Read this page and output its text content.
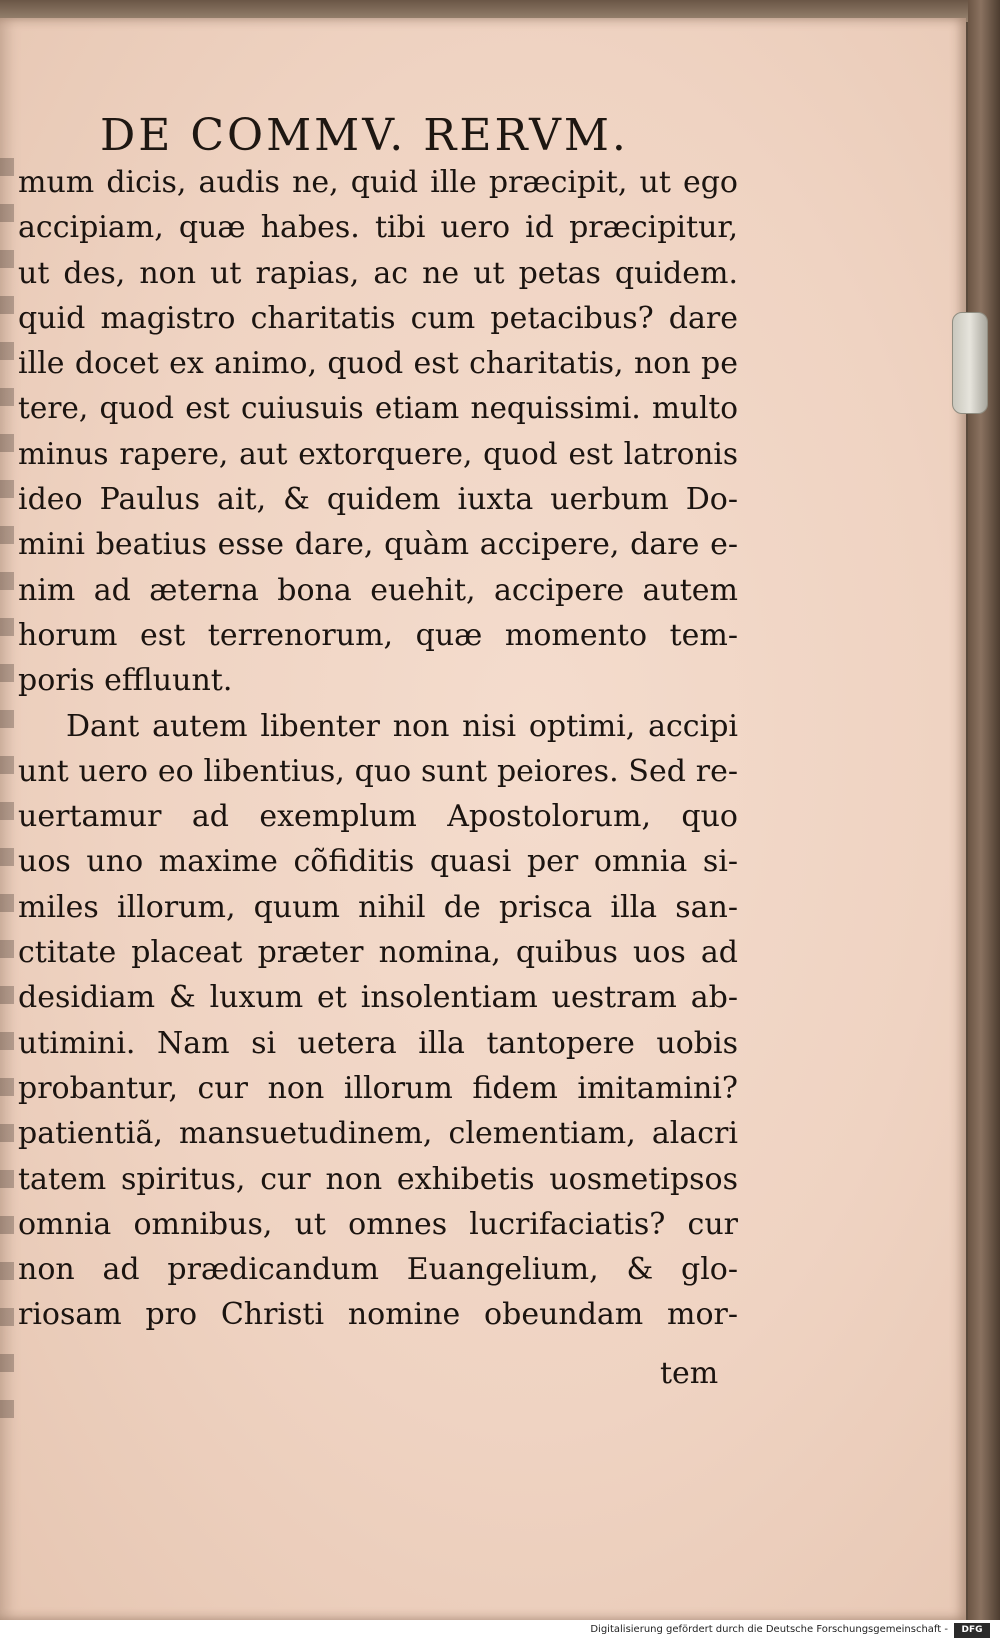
DE COMMV. RERVM.
mum dicis, audis ne, quid ille præcipit, ut ego
accipiam, quæ habes. tibi uero id præcipitur,
ut des, non ut rapias, ac ne ut petas quidem.
quid magistro charitatis cum petacibus? dare
ille docet ex animo, quod est charitatis, non pe
tere, quod est cuiusuis etiam nequissimi. multo
minus rapere, aut extorquere, quod est latronis
ideo Paulus ait, & quidem iuxta uerbum Do-
mini beatius esse dare, quàm accipere, dare e-
nim ad æterna bona euehit, accipere autem
horum est terrenorum, quæ momento tem-
poris effluunt.
Dant autem libenter non nisi optimi, accipi
unt uero eo libentius, quo sunt peiores. Sed re-
uertamur ad exemplum Apostolorum, quo
uos uno maxime cõfiditis quasi per omnia si-
miles illorum, quum nihil de prisca illa san-
ctitate placeat præter nomina, quibus uos ad
desidiam & luxum et insolentiam uestram ab-
utimini. Nam si uetera illa tantopere uobis
probantur, cur non illorum fidem imitamini?
patientiã, mansuetudinem, clementiam, alacri
tatem spiritus, cur non exhibetis uosmetipsos
omnia omnibus, ut omnes lucrifaciatis? cur
non ad prædicandum Euangelium, & glo-
riosam pro Christi nomine obeundam mor-
tem
Digitalisierung gefördert durch die Deutsche Forschungsgemeinschaft -	DFG
